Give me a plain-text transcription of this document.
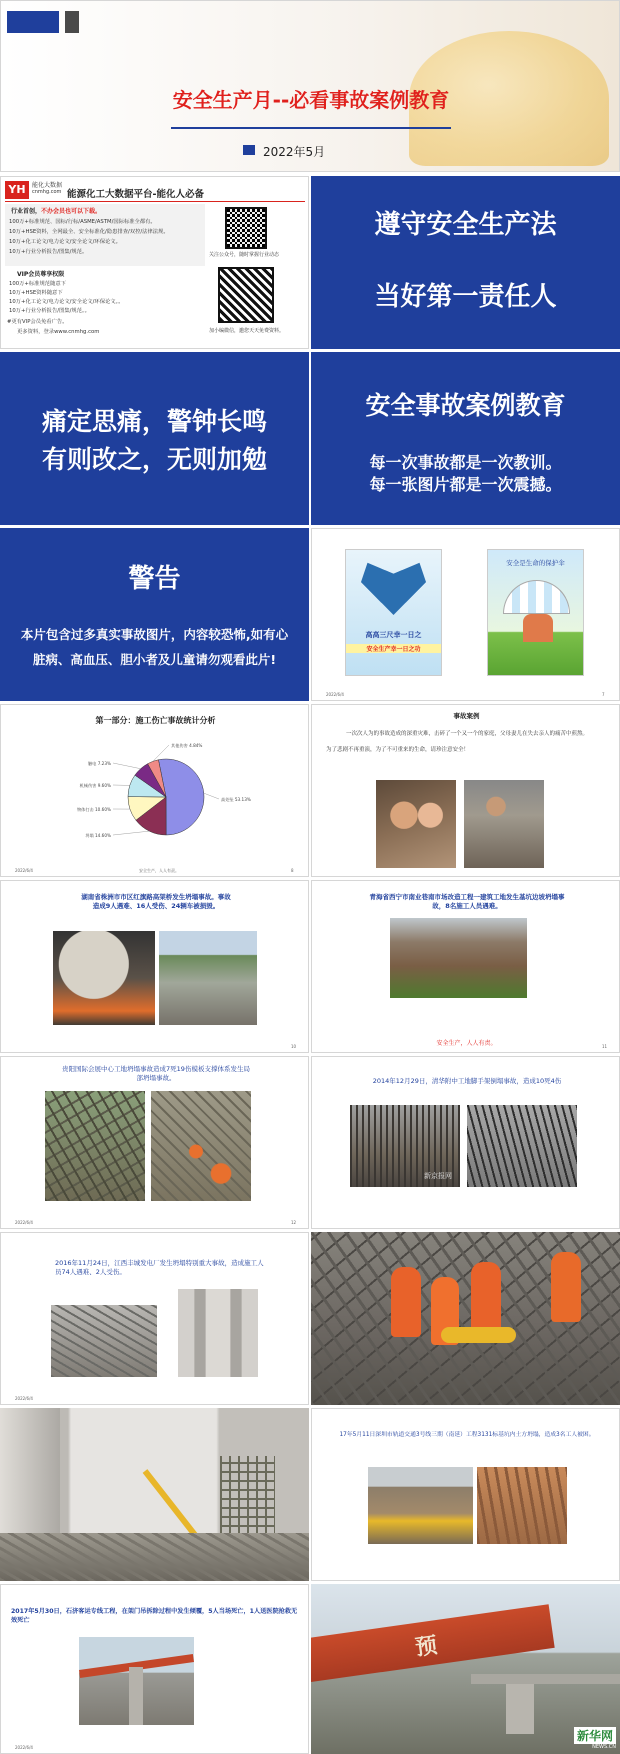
安全生产月--必看事故案例教育
2022年5月
YH	能化大数据
cnmhg.com 能源化工大数据平台-能化人必备
行业首创，不办会员也可以下载。
100万+标准规范、国标/行标/ASME/ASTM/国际标准全都有。
10万+HSE资料，全网最全、安全标准化/隐患排查/双控/法律法规。
10万+化工论文/电力论文/安全论文/环保论文。
10万+行业分析报告/图集/规范。
VIP会员尊享权限
100万+标准规范随意下
10万+HSE资料随意下
10万+化工论文/电力论文/安全论文/环保论文。。
10万+行业分析报告/图集/规范。。
#更有VIP会员免看广告。
更多资料，登录www.cnmhg.com
关注公众号，随时掌握行业动态
加小编微信，邀您天天免费资料。
遵守安全生产法
当好第一责任人
痛定思痛，警钟长鸣
有则改之，无则加勉
安全事故案例教育
每一次事故都是一次教训。
每一张图片都是一次震撼。
警告
本片包含过多真实事故图片，内容较恐怖,如有心
脏病、高血压、胆小者及儿童请勿观看此片!
高高三尺幸一日之
安全生产幸一日之功
安全是生命的保护伞
2022/6/4	7
第一部分：施工伤亡事故统计分析
高处坠 53.13%
坍塌 14.60%
物体打击 10.60%
机械伤害 9.60%
触电 7.23%
其他伤害 4.84%
2022/6/4	安全生产，人人有责。	8
事故案例
一次次人为的事故造成的深重灾难，击碎了一个又一个的家庭，父母妻儿在失去亲人的痛苦中煎熬。
为了悲剧不再重演，为了不可重来的生命，请珍注意安全！
湖南省株洲市市区红旗路高架桥发生坍塌事故。事故造成9人遇难、16人受伤、24辆车被损毁。
10
青海省西宁市南业巷南市场改造工程一建筑工地发生基坑边坡坍塌事故，8名施工人员遇难。
安全生产，人人有责。	11
贵阳国际会展中心工地坍塌事故造成7死19伤模板支撑体系发生局部坍塌事故。
2022/6/4	12
2014年12月29日，清华附中工地脚手架倒塌事故，造成10死4伤
新京报网
2016年11月24日，江西丰城发电厂发生坍塌特别重大事故，造成施工人员74人遇难、2人受伤。
2022/6/4
17年5月11日深圳市轨道交通3号线三期（南延）工程3131标基坑内土方坍塌，造成3名工人被困。
2017年5月30日，石济客运专线工程，在架门吊拆除过程中发生倾覆，5人当场死亡，1人送医院抢救无效死亡
2022/6/4
预
新华网
NEWS.CN
